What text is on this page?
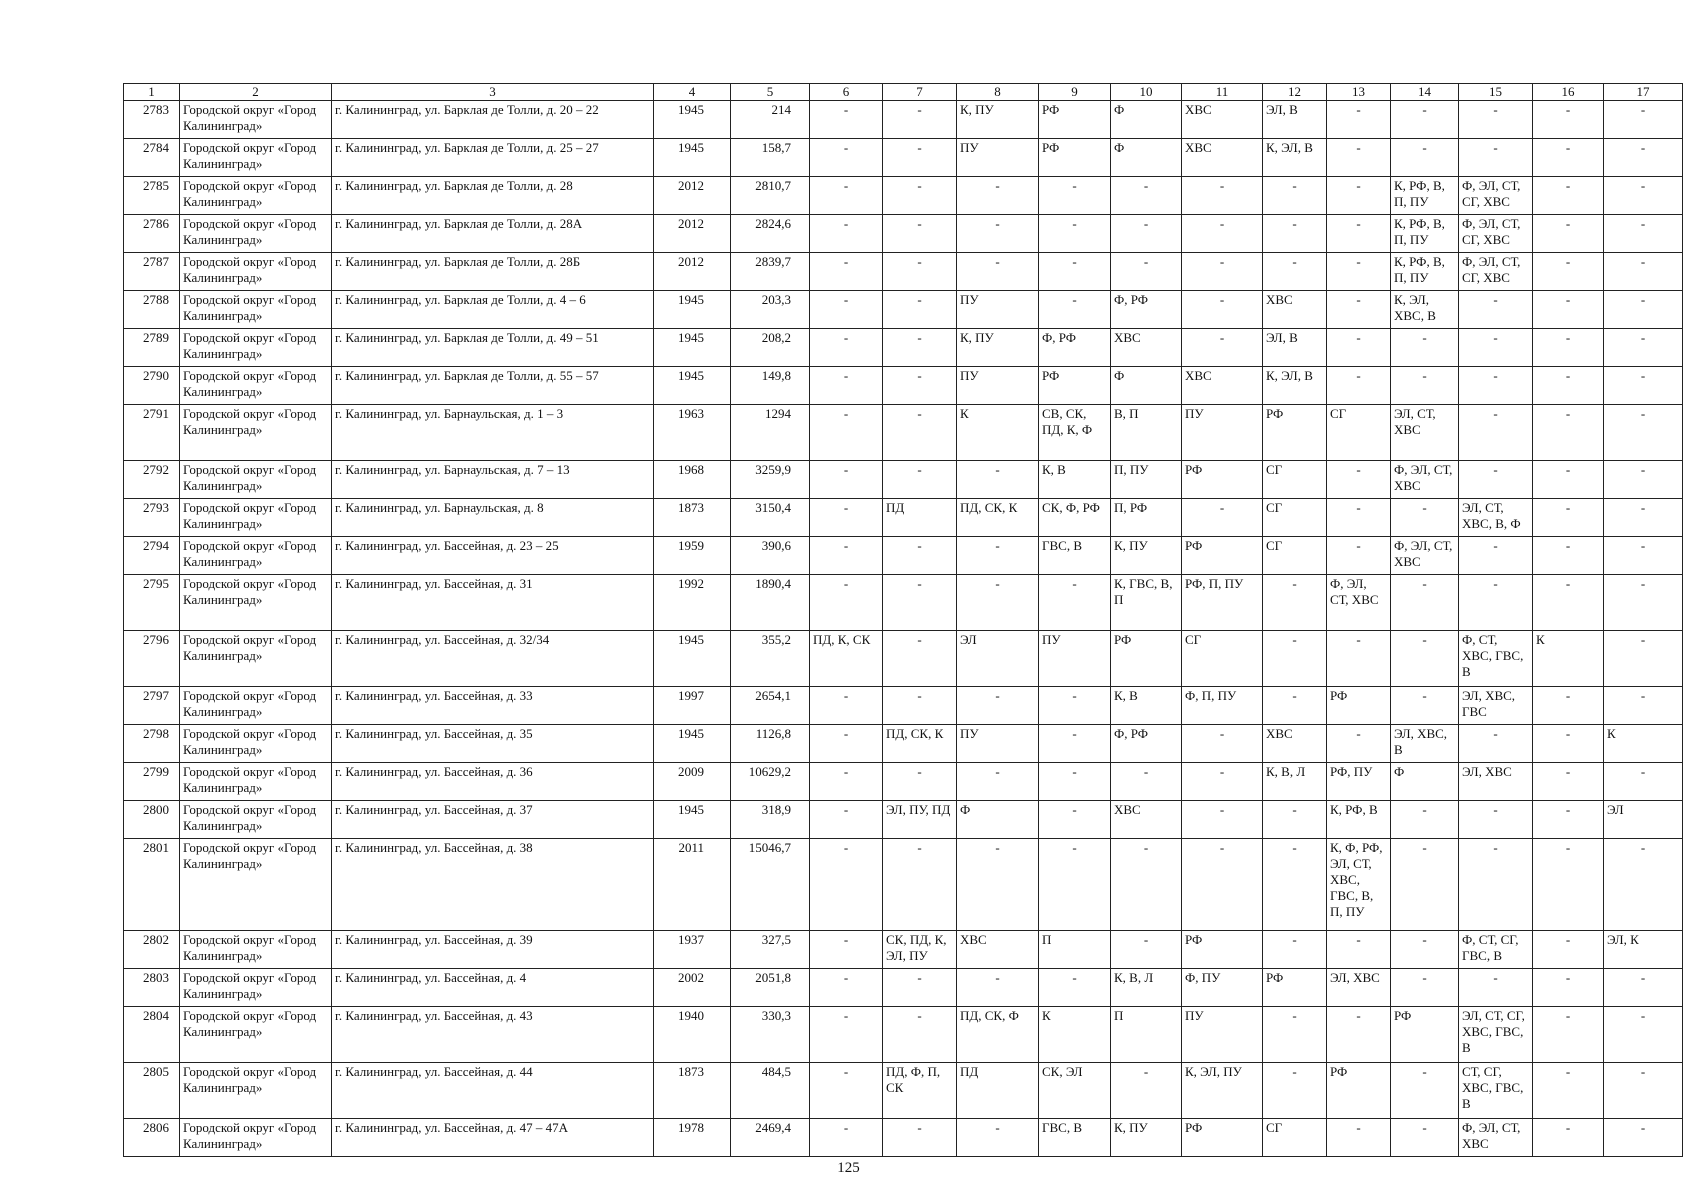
1	2	3	4	5	6	7	8	9	10	11	12	13	14	15	16	17
2783	Городской округ «Город Калининград»	г. Калининград, ул. Барклая де Толли, д. 20 – 22	1945	214	-	-	К, ПУ	РФ	Ф	ХВС	ЭЛ, В	-	-	-	-	-
2784	Городской округ «Город Калининград»	г. Калининград, ул. Барклая де Толли, д. 25 – 27	1945	158,7	-	-	ПУ	РФ	Ф	ХВС	К, ЭЛ, В	-	-	-	-	-
2785	Городской округ «Город Калининград»	г. Калининград, ул. Барклая де Толли, д. 28	2012	2810,7	-	-	-	-	-	-	-	-	К, РФ, В, П, ПУ	Ф, ЭЛ, СТ, СГ, ХВС	-	-
2786	Городской округ «Город Калининград»	г. Калининград, ул. Барклая де Толли, д. 28А	2012	2824,6	-	-	-	-	-	-	-	-	К, РФ, В, П, ПУ	Ф, ЭЛ, СТ, СГ, ХВС	-	-
2787	Городской округ «Город Калининград»	г. Калининград, ул. Барклая де Толли, д. 28Б	2012	2839,7	-	-	-	-	-	-	-	-	К, РФ, В, П, ПУ	Ф, ЭЛ, СТ, СГ, ХВС	-	-
2788	Городской округ «Город Калининград»	г. Калининград, ул. Барклая де Толли, д. 4 – 6	1945	203,3	-	-	ПУ	-	Ф, РФ	-	ХВС	-	К, ЭЛ, ХВС, В	-	-	-
2789	Городской округ «Город Калининград»	г. Калининград, ул. Барклая де Толли, д. 49 – 51	1945	208,2	-	-	К, ПУ	Ф, РФ	ХВС	-	ЭЛ, В	-	-	-	-	-
2790	Городской округ «Город Калининград»	г. Калининград, ул. Барклая де Толли, д. 55 – 57	1945	149,8	-	-	ПУ	РФ	Ф	ХВС	К, ЭЛ, В	-	-	-	-	-
2791	Городской округ «Город Калининград»	г. Калининград, ул. Барнаульская, д. 1 – 3	1963	1294	-	-	К	СВ, СК, ПД, К, Ф	В, П	ПУ	РФ	СГ	ЭЛ, СТ, ХВС	-	-	-
2792	Городской округ «Город Калининград»	г. Калининград, ул. Барнаульская, д. 7 – 13	1968	3259,9	-	-	-	К, В	П, ПУ	РФ	СГ	-	Ф, ЭЛ, СТ, ХВС	-	-	-
2793	Городской округ «Город Калининград»	г. Калининград, ул. Барнаульская, д. 8	1873	3150,4	-	ПД	ПД, СК, К	СК, Ф, РФ	П, РФ	-	СГ	-	-	ЭЛ, СТ, ХВС, В, Ф	-	-
2794	Городской округ «Город Калининград»	г. Калининград, ул. Бассейная, д. 23 – 25	1959	390,6	-	-	-	ГВС, В	К, ПУ	РФ	СГ	-	Ф, ЭЛ, СТ, ХВС	-	-	-
2795	Городской округ «Город Калининград»	г. Калининград, ул. Бассейная, д. 31	1992	1890,4	-	-	-	-	К, ГВС, В, П	РФ, П, ПУ	-	Ф, ЭЛ, СТ, ХВС	-	-	-	-
2796	Городской округ «Город Калининград»	г. Калининград, ул. Бассейная, д. 32/34	1945	355,2	ПД, К, СК	-	ЭЛ	ПУ	РФ	СГ	-	-	-	Ф, СТ, ХВС, ГВС, В	К	-
2797	Городской округ «Город Калининград»	г. Калининград, ул. Бассейная, д. 33	1997	2654,1	-	-	-	-	К, В	Ф, П, ПУ	-	РФ	-	ЭЛ, ХВС, ГВС	-	-
2798	Городской округ «Город Калининград»	г. Калининград, ул. Бассейная, д. 35	1945	1126,8	-	ПД, СК, К	ПУ	-	Ф, РФ	-	ХВС	-	ЭЛ, ХВС, В	-	-	К
2799	Городской округ «Город Калининград»	г. Калининград, ул. Бассейная, д. 36	2009	10629,2	-	-	-	-	-	-	К, В, Л	РФ, ПУ	Ф	ЭЛ, ХВС	-	-
2800	Городской округ «Город Калининград»	г. Калининград, ул. Бассейная, д. 37	1945	318,9	-	ЭЛ, ПУ, ПД	Ф	-	ХВС	-	-	К, РФ, В	-	-	-	ЭЛ
2801	Городской округ «Город Калининград»	г. Калининград, ул. Бассейная, д. 38	2011	15046,7	-	-	-	-	-	-	-	К, Ф, РФ, ЭЛ, СТ, ХВС, ГВС, В, П, ПУ	-	-	-	-
2802	Городской округ «Город Калининград»	г. Калининград, ул. Бассейная, д. 39	1937	327,5	-	СК, ПД, К, ЭЛ, ПУ	ХВС	П	-	РФ	-	-	-	Ф, СТ, СГ, ГВС, В	-	ЭЛ, К
2803	Городской округ «Город Калининград»	г. Калининград, ул. Бассейная, д. 4	2002	2051,8	-	-	-	-	К, В, Л	Ф, ПУ	РФ	ЭЛ, ХВС	-	-	-	-
2804	Городской округ «Город Калининград»	г. Калининград, ул. Бассейная, д. 43	1940	330,3	-	-	ПД, СК, Ф	К	П	ПУ	-	-	РФ	ЭЛ, СТ, СГ, ХВС, ГВС, В	-	-
2805	Городской округ «Город Калининград»	г. Калининград, ул. Бассейная, д. 44	1873	484,5	-	ПД, Ф, П, СК	ПД	СК, ЭЛ	-	К, ЭЛ, ПУ	-	РФ	-	СТ, СГ, ХВС, ГВС, В	-	-
2806	Городской округ «Город Калининград»	г. Калининград, ул. Бассейная, д. 47 – 47А	1978	2469,4	-	-	-	ГВС, В	К, ПУ	РФ	СГ	-	-	Ф, ЭЛ, СТ, ХВС	-	-
125
